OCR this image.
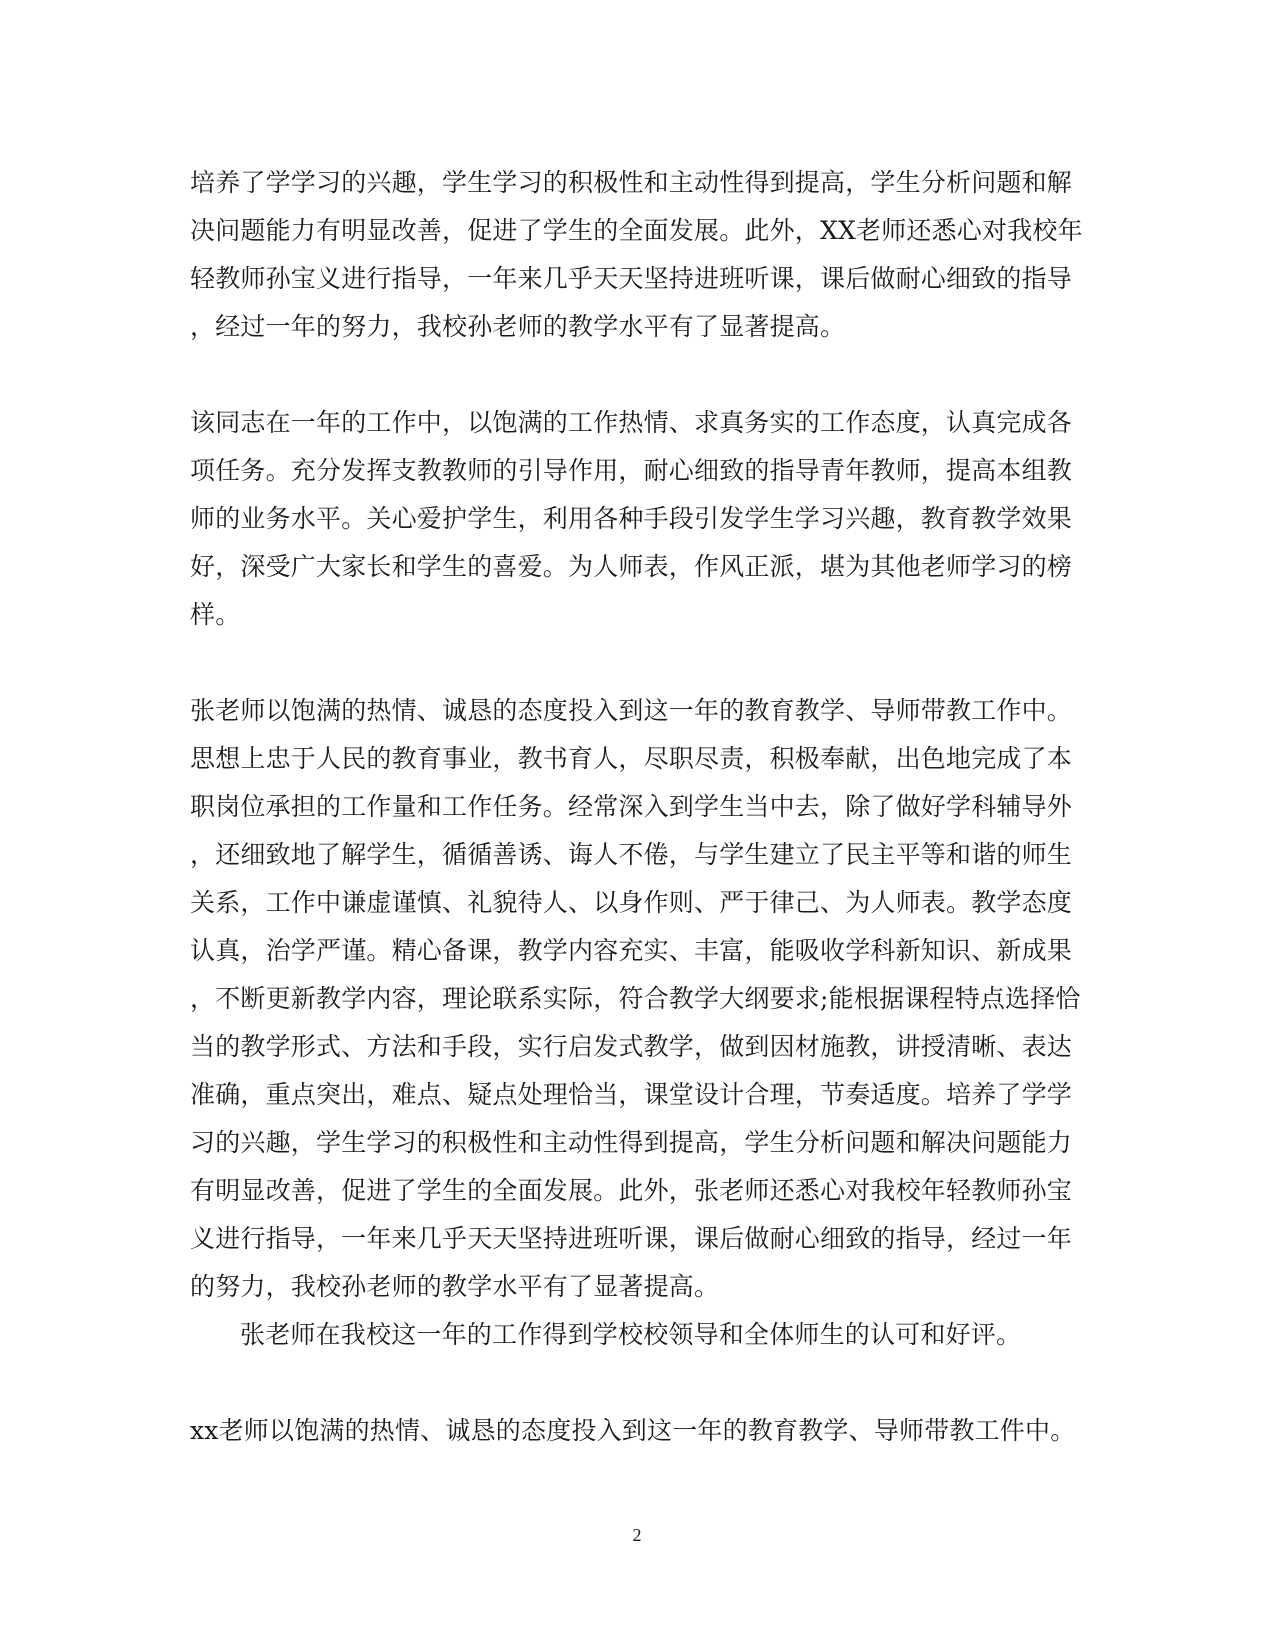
培养了学学习的兴趣，学生学习的积极性和主动性得到提高，学生分析问题和解
决问题能力有明显改善，促进了学生的全面发展。此外，XX老师还悉心对我校年
轻教师孙宝义进行指导，一年来几乎天天坚持进班听课，课后做耐心细致的指导
，经过一年的努力，我校孙老师的教学水平有了显著提高。
该同志在一年的工作中，以饱满的工作热情、求真务实的工作态度，认真完成各
项任务。充分发挥支教教师的引导作用，耐心细致的指导青年教师，提高本组教
师的业务水平。关心爱护学生，利用各种手段引发学生学习兴趣，教育教学效果
好，深受广大家长和学生的喜爱。为人师表，作风正派，堪为其他老师学习的榜
样。
张老师以饱满的热情、诚恳的态度投入到这一年的教育教学、导师带教工作中。
思想上忠于人民的教育事业，教书育人，尽职尽责，积极奉献，出色地完成了本
职岗位承担的工作量和工作任务。经常深入到学生当中去，除了做好学科辅导外
，还细致地了解学生，循循善诱、诲人不倦，与学生建立了民主平等和谐的师生
关系，工作中谦虚谨慎、礼貌待人、以身作则、严于律己、为人师表。教学态度
认真，治学严谨。精心备课，教学内容充实、丰富，能吸收学科新知识、新成果
，不断更新教学内容，理论联系实际，符合教学大纲要求;能根据课程特点选择恰
当的教学形式、方法和手段，实行启发式教学，做到因材施教，讲授清晰、表达
准确，重点突出，难点、疑点处理恰当，课堂设计合理，节奏适度。培养了学学
习的兴趣，学生学习的积极性和主动性得到提高，学生分析问题和解决问题能力
有明显改善，促进了学生的全面发展。此外，张老师还悉心对我校年轻教师孙宝
义进行指导，一年来几乎天天坚持进班听课，课后做耐心细致的指导，经过一年
的努力，我校孙老师的教学水平有了显著提高。
张老师在我校这一年的工作得到学校校领导和全体师生的认可和好评。
xx老师以饱满的热情、诚恳的态度投入到这一年的教育教学、导师带教工件中。
2
